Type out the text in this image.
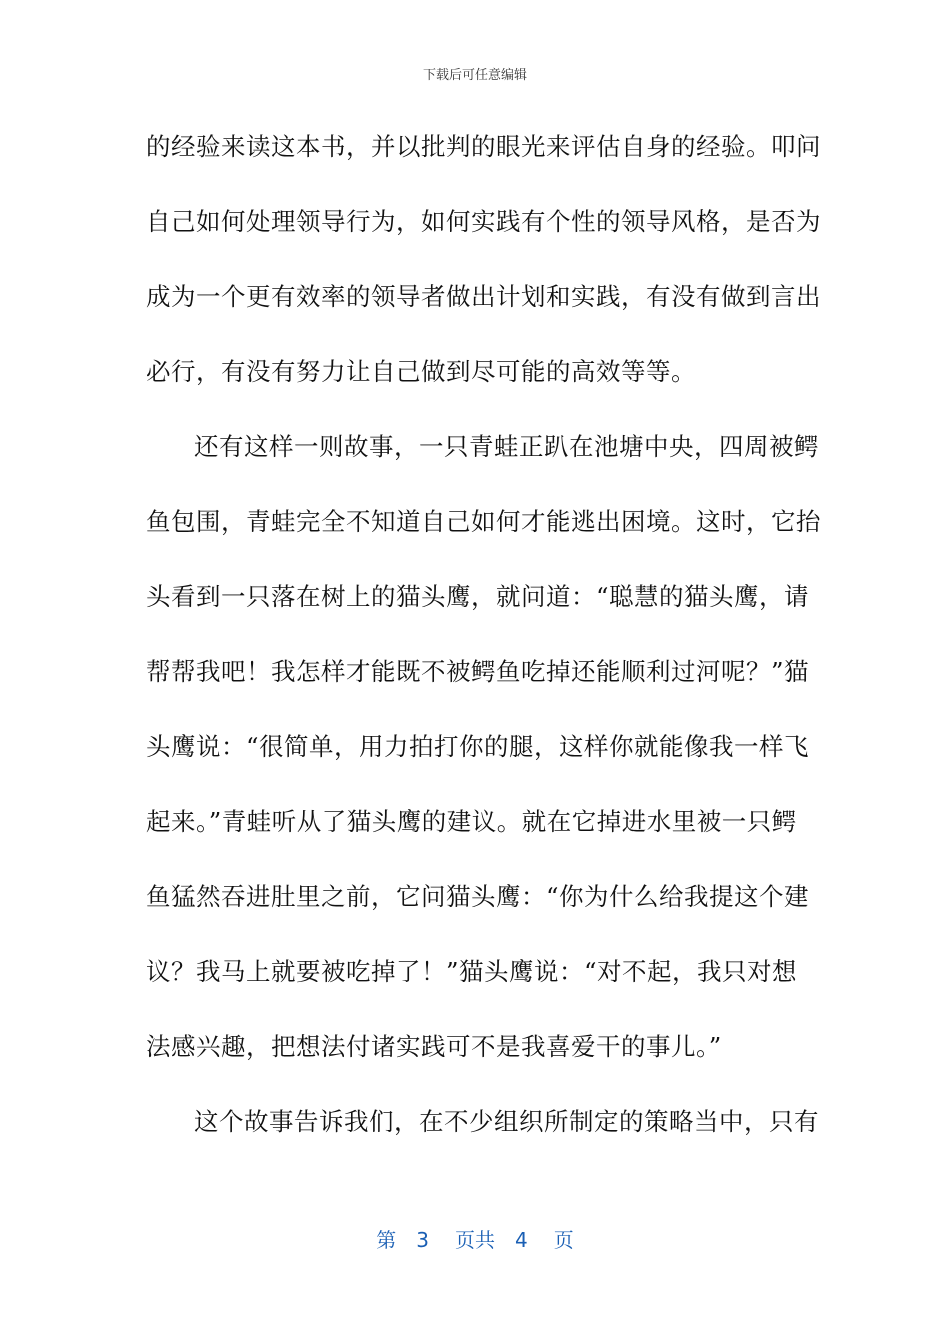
下载后可任意编辑
的经验来读这本书，并以批判的眼光来评估自身的经验。叩问
自己如何处理领导行为，如何实践有个性的领导风格，是否为
成为一个更有效率的领导者做出计划和实践，有没有做到言出
必行，有没有努力让自己做到尽可能的高效等等。
还有这样一则故事，一只青蛙正趴在池塘中央，四周被鳄
鱼包围，青蛙完全不知道自己如何才能逃出困境。这时，它抬
头看到一只落在树上的猫头鹰，就问道：“聪慧的猫头鹰，请
帮帮我吧！我怎样才能既不被鳄鱼吃掉还能顺利过河呢？”猫
头鹰说：“很简单，用力拍打你的腿，这样你就能像我一样飞
起来。”青蛙听从了猫头鹰的建议。就在它掉进水里被一只鳄
鱼猛然吞进肚里之前，它问猫头鹰：“你为什么给我提这个建
议？我马上就要被吃掉了！”猫头鹰说：“对不起，我只对想
法感兴趣，把想法付诸实践可不是我喜爱干的事儿。”
这个故事告诉我们，在不少组织所制定的策略当中，只有
第 3 页共 4 页
